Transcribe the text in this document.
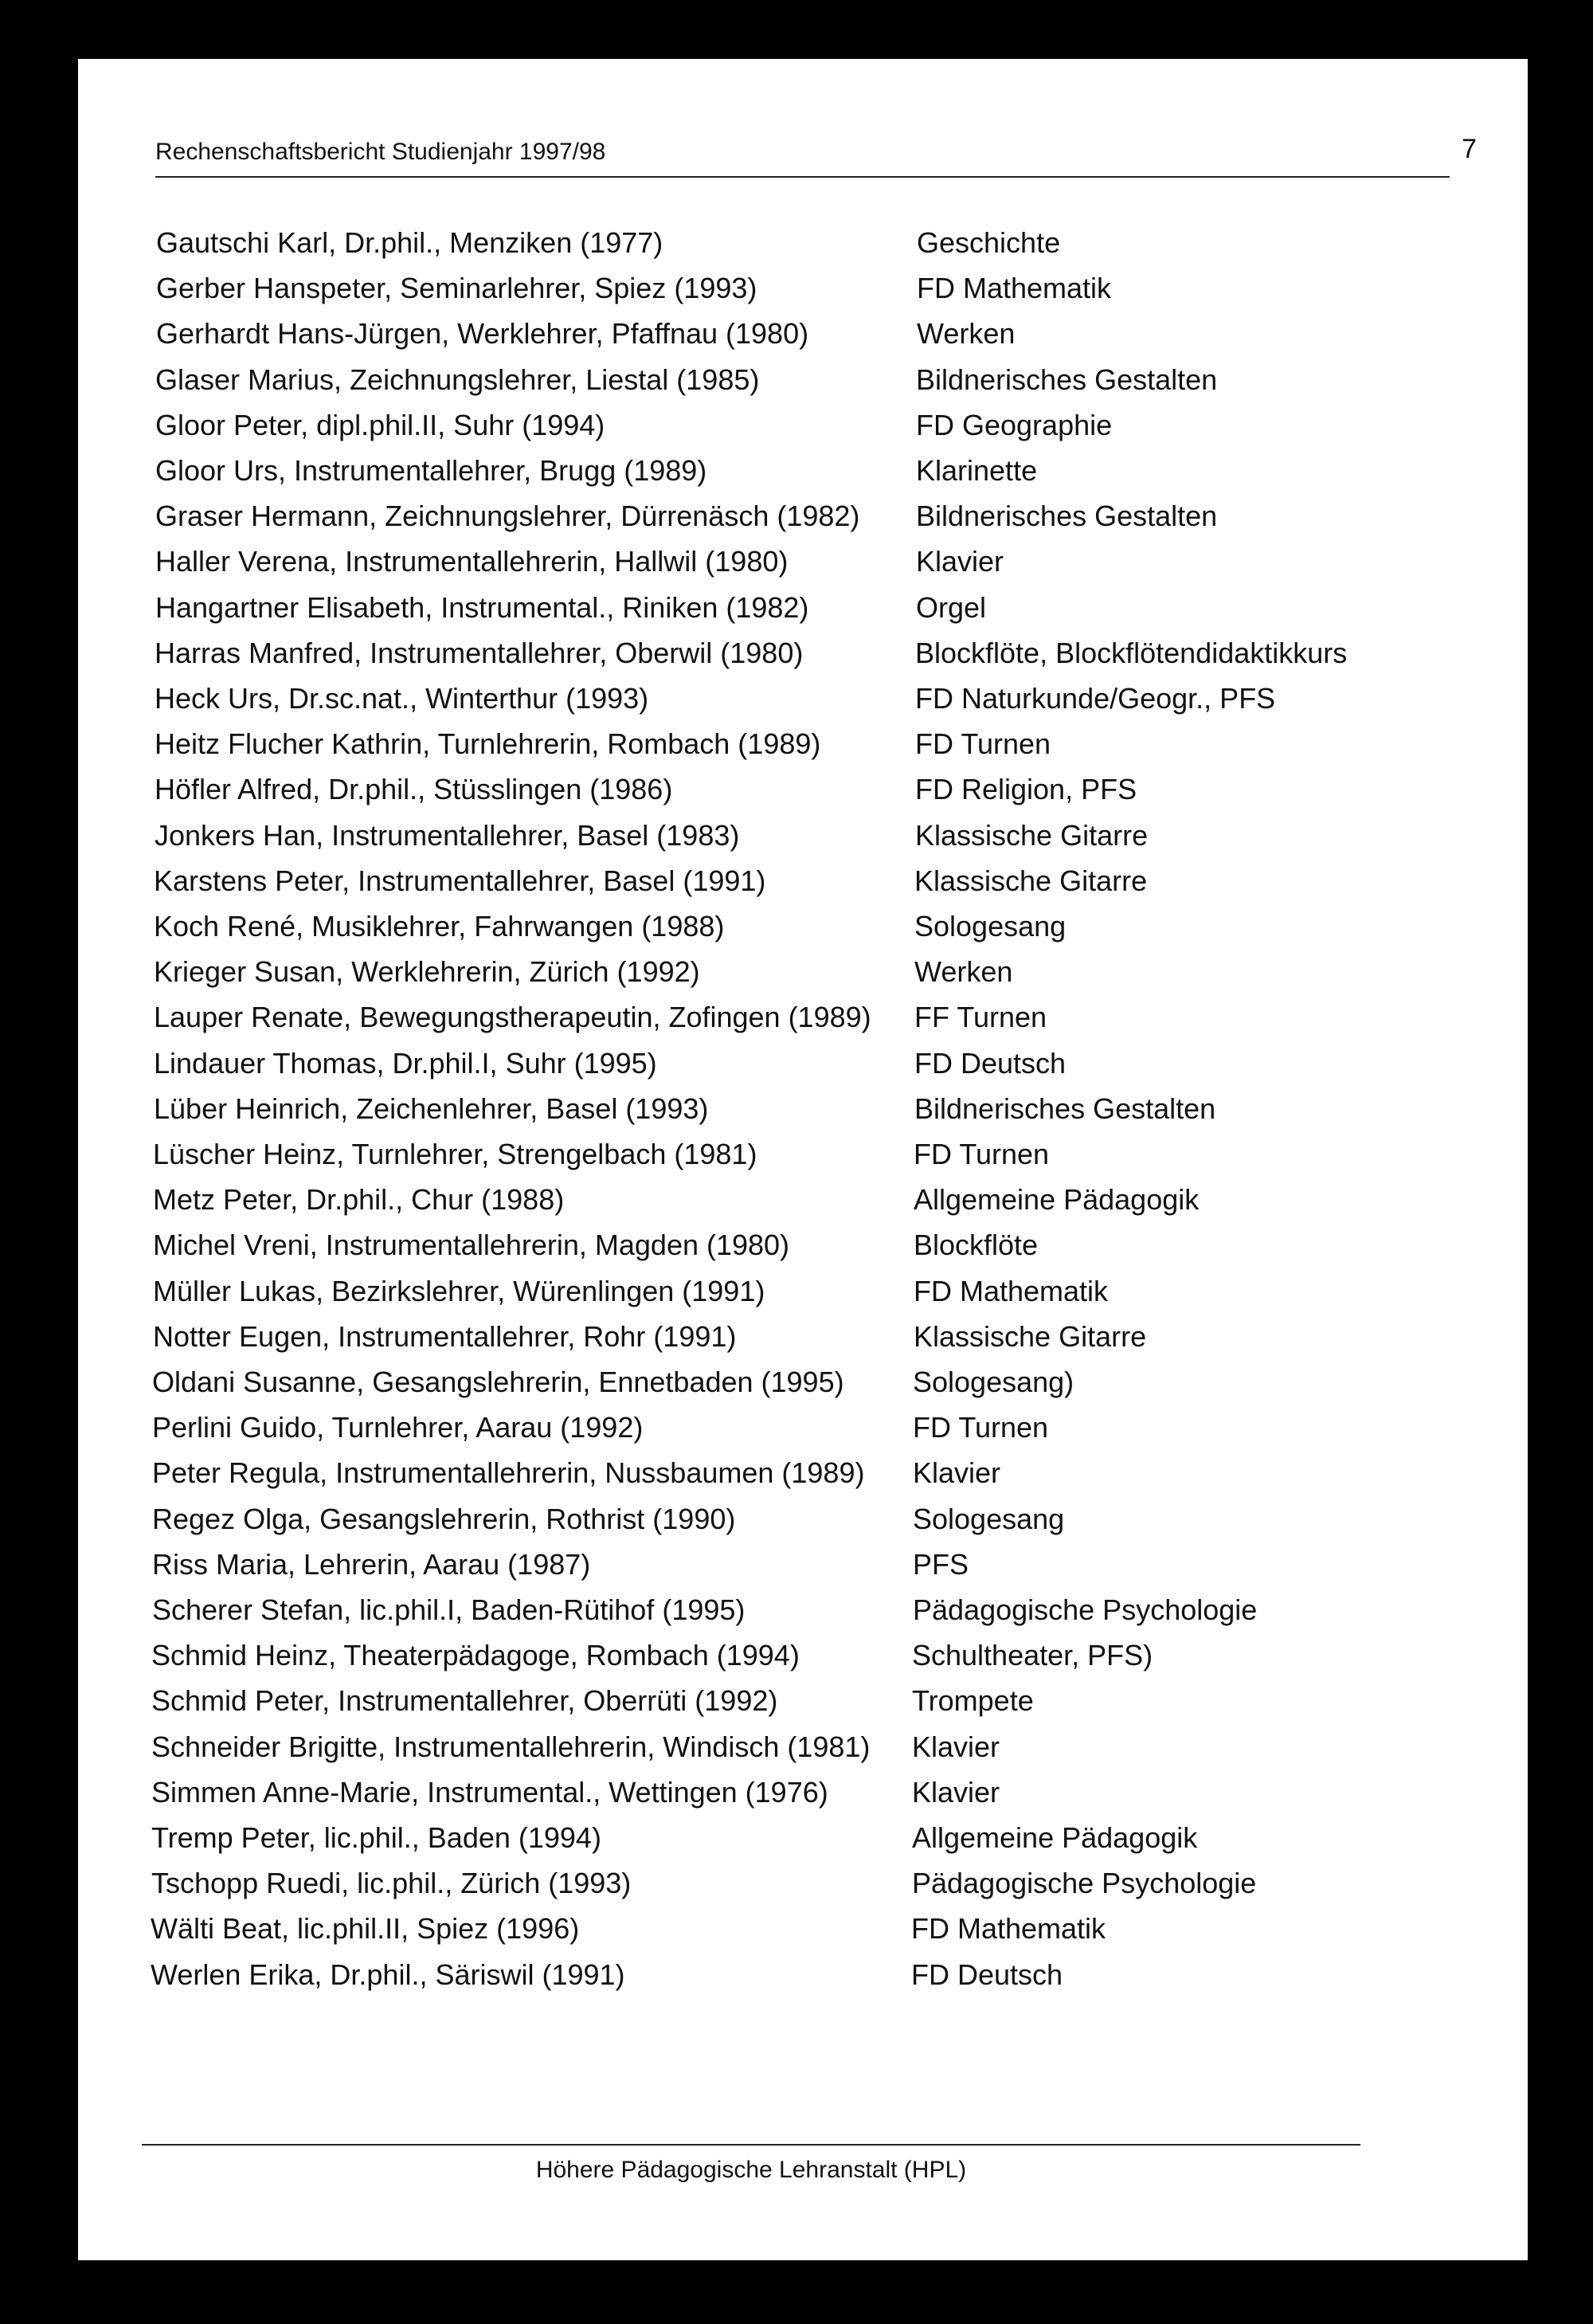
Rechenschaftsbericht Studienjahr 1997/98	7
Gautschi Karl, Dr.phil., Menziken (1977)	Geschichte
Gerber Hanspeter, Seminarlehrer, Spiez (1993)	FD Mathematik
Gerhardt Hans-Jürgen, Werklehrer, Pfaffnau (1980)	Werken
Glaser Marius, Zeichnungslehrer, Liestal (1985)	Bildnerisches Gestalten
Gloor Peter, dipl.phil.II, Suhr (1994)	FD Geographie
Gloor Urs, Instrumentallehrer, Brugg (1989)	Klarinette
Graser Hermann, Zeichnungslehrer, Dürrenäsch (1982) Bildnerisches Gestalten
Haller Verena, Instrumentallehrerin, Hallwil (1980)	Klavier
Hangartner Elisabeth, Instrumental., Riniken (1982)	Orgel
Harras Manfred, Instrumentallehrer, Oberwil (1980)	Blockflöte, Blockflötendidaktikkurs
Heck Urs, Dr.sc.nat., Winterthur (1993)	FD Naturkunde/Geogr., PFS
Heitz Flucher Kathrin, Turnlehrerin, Rombach (1989)	FD Turnen
Höfler Alfred, Dr.phil., Stüsslingen (1986)	FD Religion, PFS
Jonkers Han, Instrumentallehrer, Basel (1983)	Klassische Gitarre
Karstens Peter, Instrumentallehrer, Basel (1991)	Klassische Gitarre
Koch René, Musiklehrer, Fahrwangen (1988)	Sologesang
Krieger Susan, Werklehrerin, Zürich (1992)	Werken
Lauper Renate, Bewegungstherapeutin, Zofingen (1989) FF Turnen
Lindauer Thomas, Dr.phil.I, Suhr (1995)	FD Deutsch
Lüber Heinrich, Zeichenlehrer, Basel (1993)	Bildnerisches Gestalten
Lüscher Heinz, Turnlehrer, Strengelbach (1981)	FD Turnen
Metz Peter, Dr.phil., Chur (1988)	Allgemeine Pädagogik
Michel Vreni, Instrumentallehrerin, Magden (1980)	Blockflöte
Müller Lukas, Bezirkslehrer, Würenlingen (1991)	FD Mathematik
Notter Eugen, Instrumentallehrer, Rohr (1991)	Klassische Gitarre
Oldani Susanne, Gesangslehrerin, Ennetbaden (1995) Sologesang)
Perlini Guido, Turnlehrer, Aarau (1992)	FD Turnen
Peter Regula, Instrumentallehrerin, Nussbaumen (1989) Klavier
Regez Olga, Gesangslehrerin, Rothrist (1990)	Sologesang
Riss Maria, Lehrerin, Aarau (1987)	PFS
Scherer Stefan, lic.phil.I, Baden-Rütihof (1995)	Pädagogische Psychologie
Schmid Heinz, Theaterpädagoge, Rombach (1994)	Schultheater, PFS)
Schmid Peter, Instrumentallehrer, Oberrüti (1992)	Trompete
Schneider Brigitte, Instrumentallehrerin, Windisch (1981) Klavier
Simmen Anne-Marie, Instrumental., Wettingen (1976)	Klavier
Tremp Peter, lic.phil., Baden (1994)	Allgemeine Pädagogik
Tschopp Ruedi, lic.phil., Zürich (1993)	Pädagogische Psychologie
Wälti Beat, lic.phil.II, Spiez (1996)	FD Mathematik
Werlen Erika, Dr.phil., Säriswil (1991)	FD Deutsch
Höhere Pädagogische Lehranstalt (HPL)
